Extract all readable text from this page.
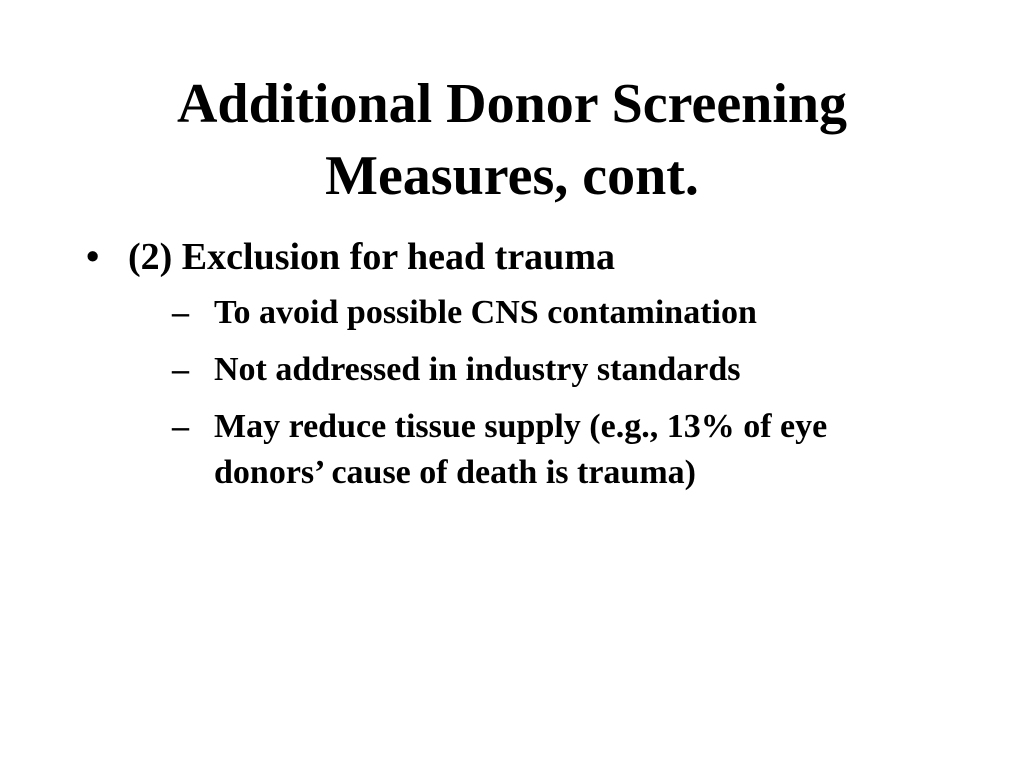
Additional Donor Screening
Measures, cont.
• (2) Exclusion for head trauma
– To avoid possible CNS contamination
– Not addressed in industry standards
– May reduce tissue supply (e.g., 13% of eye donors’ cause of death is trauma)
